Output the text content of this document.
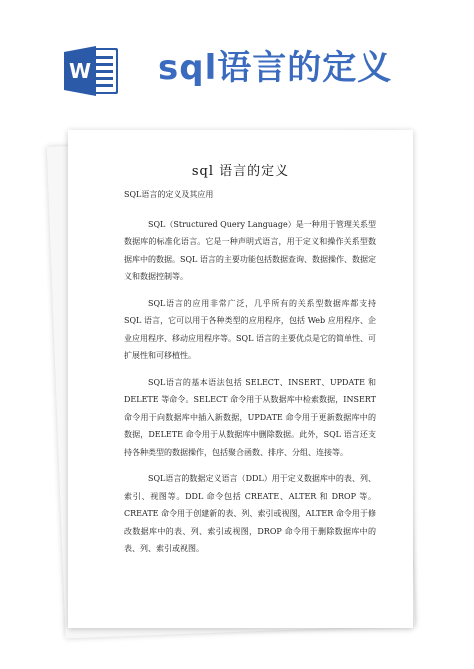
W sql语言的定义
sql 语言的定义

SQL语言的定义及其应用

SQL（Structured Query Language）是一种用于管理关系型数据库的标准化语言。它是一种声明式语言，用于定义和操作关系型数据库中的数据。SQL 语言的主要功能包括数据查询、数据操作、数据定义和数据控制等。

SQL语言的应用非常广泛，几乎所有的关系型数据库都支持 SQL 语言，它可以用于各种类型的应用程序，包括 Web 应用程序、企业应用程序、移动应用程序等。SQL 语言的主要优点是它的简单性、可扩展性和可移植性。

SQL语言的基本语法包括 SELECT、INSERT、UPDATE 和 DELETE 等命令。SELECT 命令用于从数据库中检索数据，INSERT 命令用于向数据库中插入新数据，UPDATE 命令用于更新数据库中的数据，DELETE 命令用于从数据库中删除数据。此外，SQL 语言还支持各种类型的数据操作，包括聚合函数、排序、分组、连接等。

SQL语言的数据定义语言（DDL）用于定义数据库中的表、列、索引、视图等。DDL 命令包括 CREATE、ALTER 和 DROP 等。CREATE 命令用于创建新的表、列、索引或视图，ALTER 命令用于修改数据库中的表、列、索引或视图，DROP 命令用于删除数据库中的表、列、索引或视图。
